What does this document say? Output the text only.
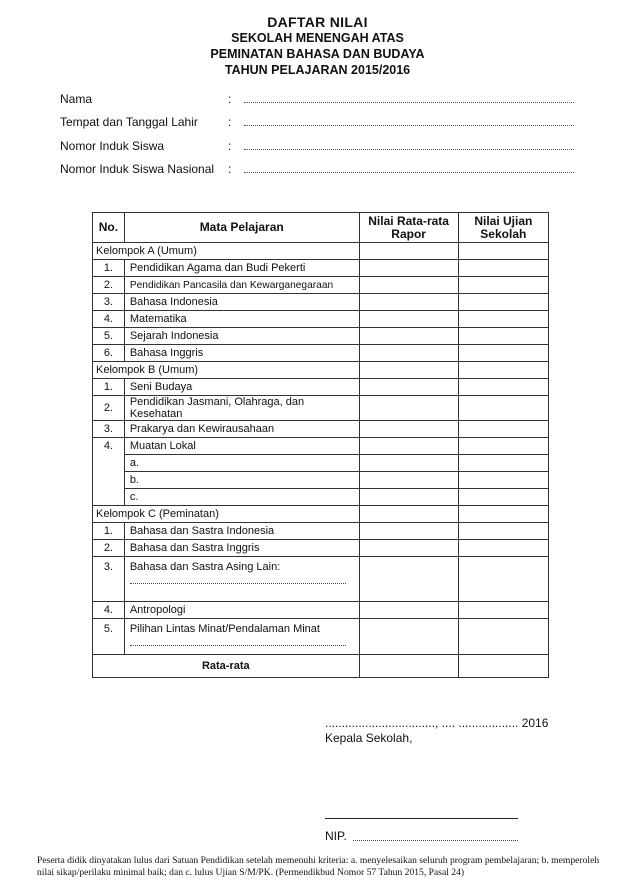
DAFTAR NILAI
SEKOLAH MENENGAH ATAS
PEMINATAN BAHASA DAN BUDAYA
TAHUN PELAJARAN 2015/2016
Nama	:
Tempat dan Tanggal Lahir	:
Nomor Induk Siswa	:
Nomor Induk Siswa Nasional :
No.	Mata Pelajaran	Nilai Rata-rata Rapor	Nilai Ujian Sekolah
Kelompok A (Umum)			
1.	Pendidikan Agama dan Budi Pekerti		
2.	Pendidikan Pancasila dan Kewarganegaraan		
3.	Bahasa Indonesia		
4.	Matematika		
5.	Sejarah Indonesia		
6.	Bahasa Inggris		
Kelompok B (Umum)			
1.	Seni Budaya		
2.	Pendidikan Jasmani, Olahraga, dan Kesehatan		
3.	Prakarya dan Kewirausahaan		
4.	Muatan Lokal		
	a.		
	b.		
	c.		
Kelompok C (Peminatan)			
1.	Bahasa dan Sastra Indonesia		
2.	Bahasa dan Sastra Inggris		
3.	Bahasa dan Sastra Asing Lain:

4.	Antropologi		
5.	Pilihan Lintas Minat/Pendalaman Minat

Rata-rata			
................................., .... .................. 2016
Kepala Sekolah,
NIP.
Peserta didik dinyatakan lulus dari Satuan Pendidikan setelah memenuhi kriteria: a. menyelesaikan seluruh program pembelajaran; b. memperoleh nilai sikap/perilaku minimal baik; dan c. lulus Ujian S/M/PK. (Permendikbud Nomor 57 Tahun 2015, Pasal 24)
